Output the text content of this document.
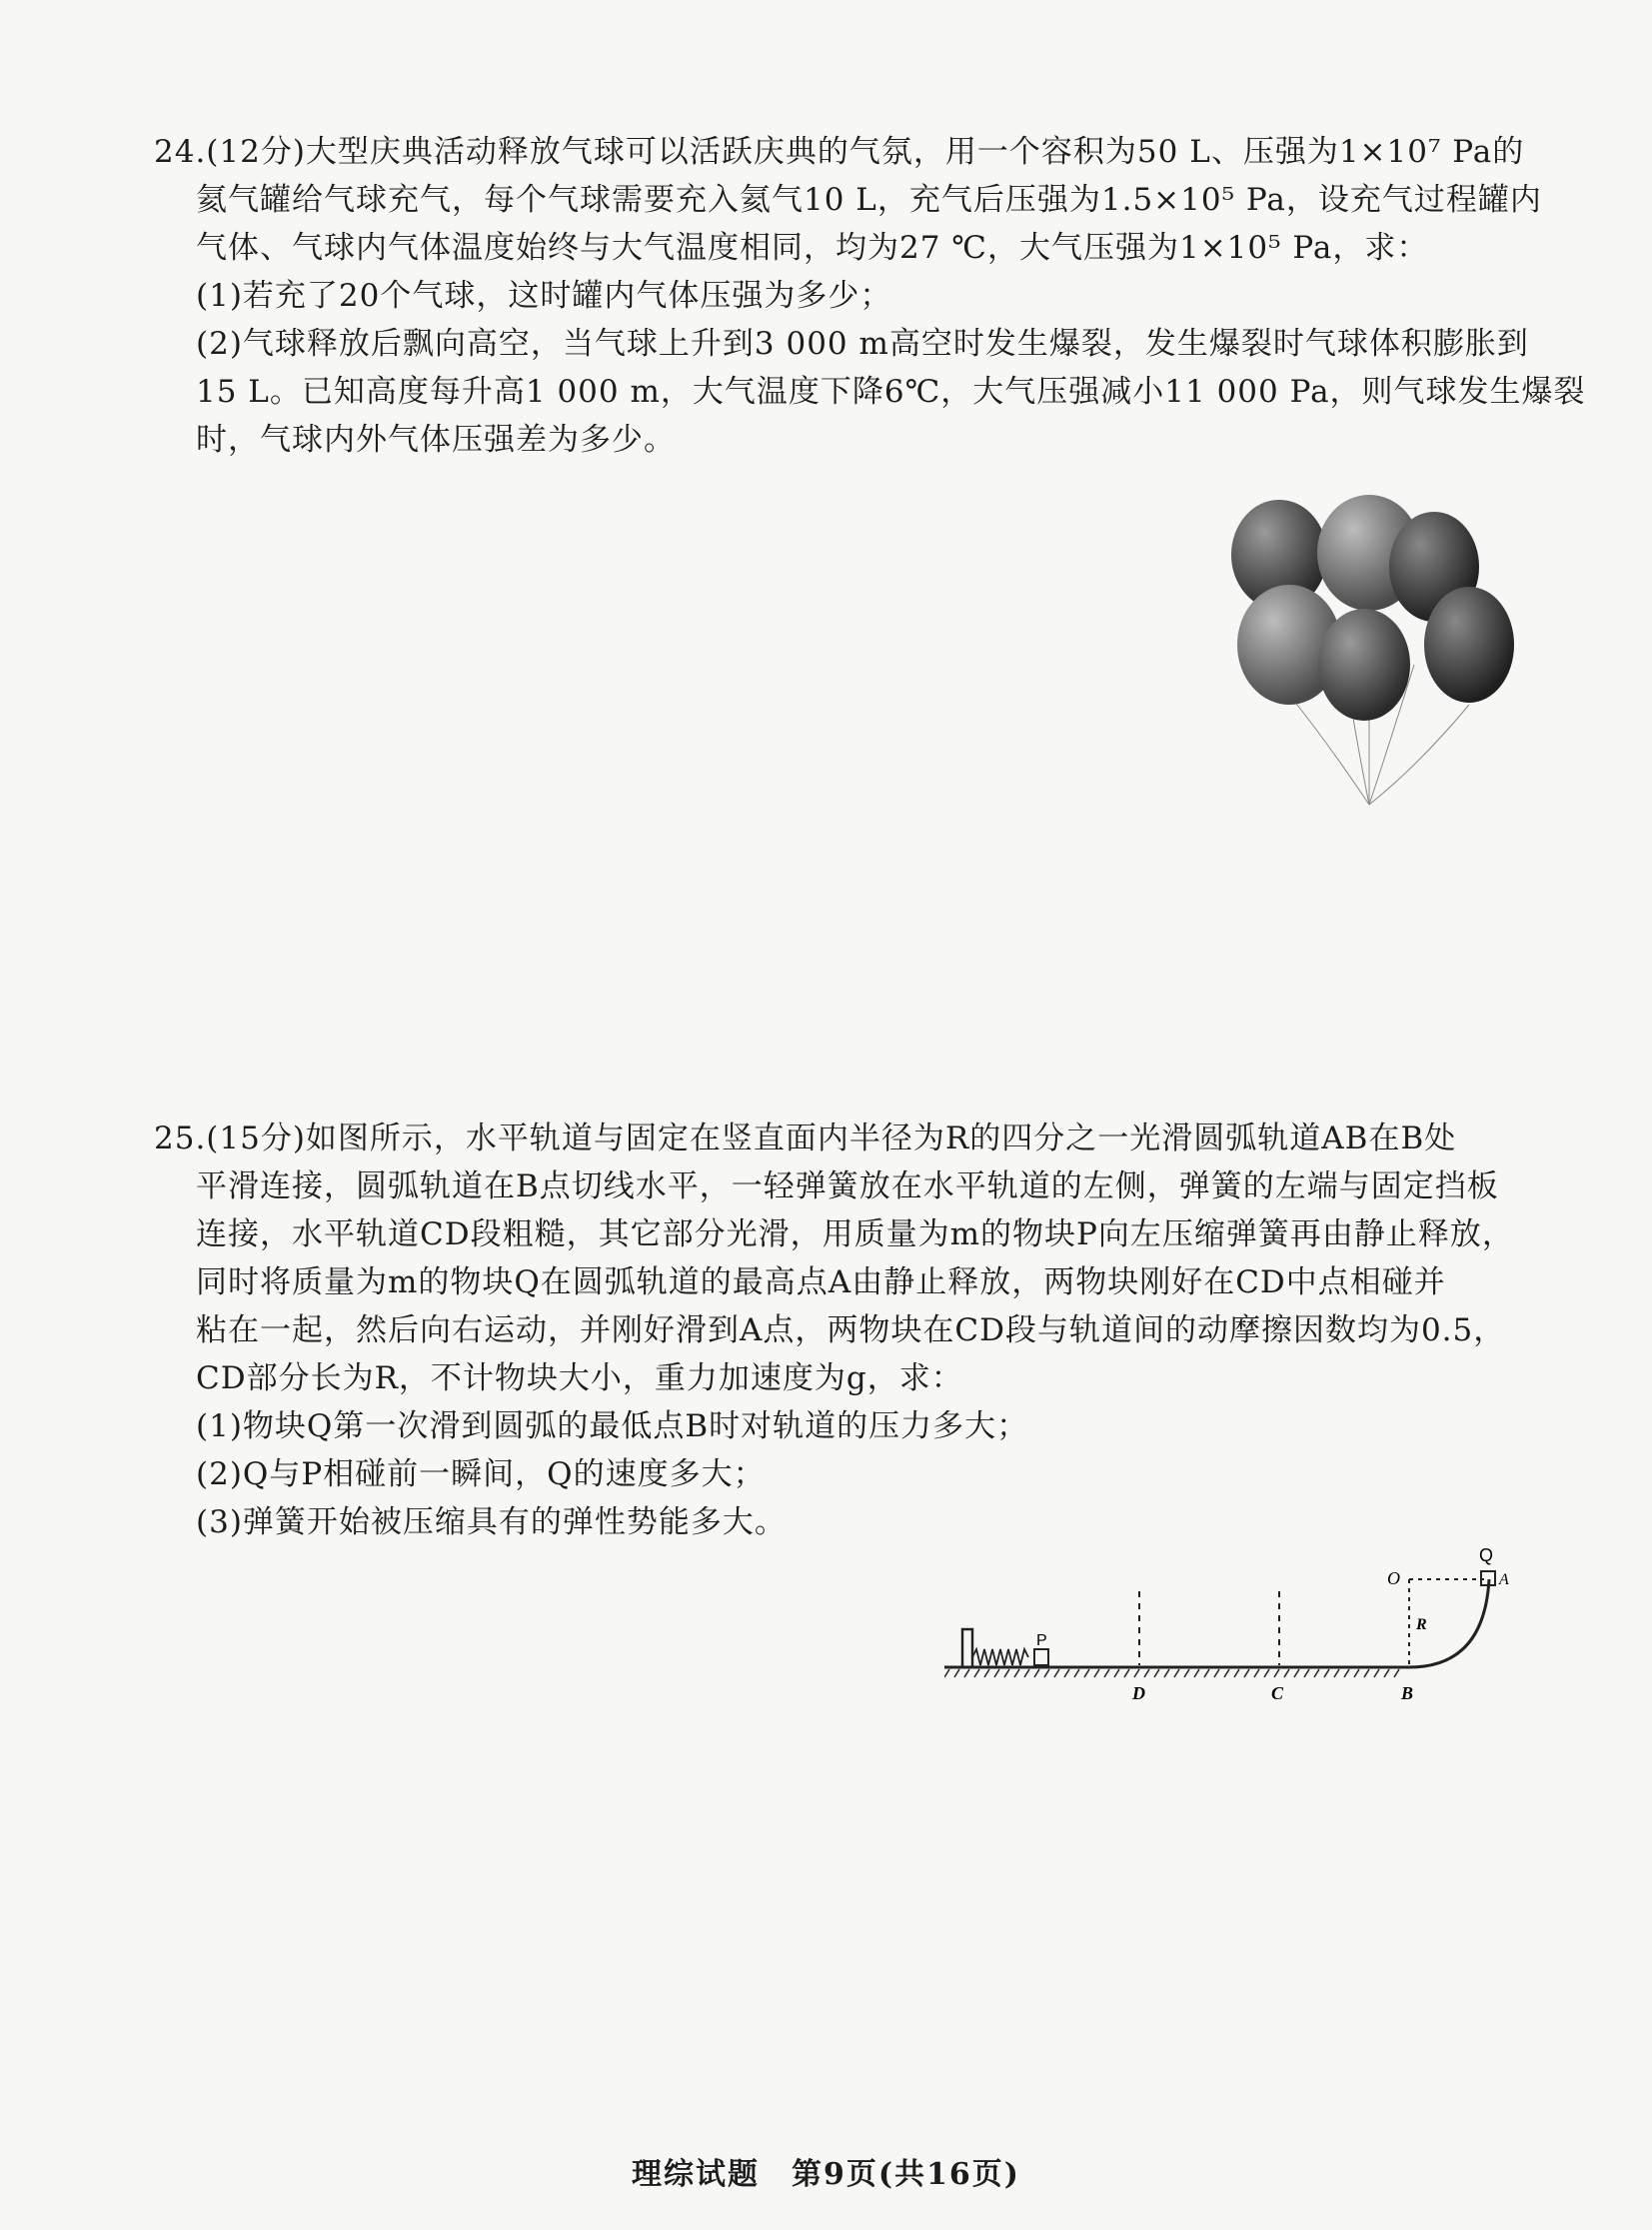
24.(12分)大型庆典活动释放气球可以活跃庆典的气氛，用一个容积为50 L、压强为1×10⁷ Pa的
氦气罐给气球充气，每个气球需要充入氦气10 L，充气后压强为1.5×10⁵ Pa，设充气过程罐内
气体、气球内气体温度始终与大气温度相同，均为27 ℃，大气压强为1×10⁵ Pa，求：
(1)若充了20个气球，这时罐内气体压强为多少；
(2)气球释放后飘向高空，当气球上升到3 000 m高空时发生爆裂，发生爆裂时气球体积膨胀到
15 L。已知高度每升高1 000 m，大气温度下降6℃，大气压强减小11 000 Pa，则气球发生爆裂
时，气球内外气体压强差为多少。
25.(15分)如图所示，水平轨道与固定在竖直面内半径为R的四分之一光滑圆弧轨道AB在B处
平滑连接，圆弧轨道在B点切线水平，一轻弹簧放在水平轨道的左侧，弹簧的左端与固定挡板
连接，水平轨道CD段粗糙，其它部分光滑，用质量为m的物块P向左压缩弹簧再由静止释放，
同时将质量为m的物块Q在圆弧轨道的最高点A由静止释放，两物块刚好在CD中点相碰并
粘在一起，然后向右运动，并刚好滑到A点，两物块在CD段与轨道间的动摩擦因数均为0.5，
CD部分长为R，不计物块大小，重力加速度为g，求：
(1)物块Q第一次滑到圆弧的最低点B时对轨道的压力多大；
(2)Q与P相碰前一瞬间，Q的速度多大；
(3)弹簧开始被压缩具有的弹性势能多大。
P
D	C
O
R
B
Q
A
理综试题　第9页(共16页)
